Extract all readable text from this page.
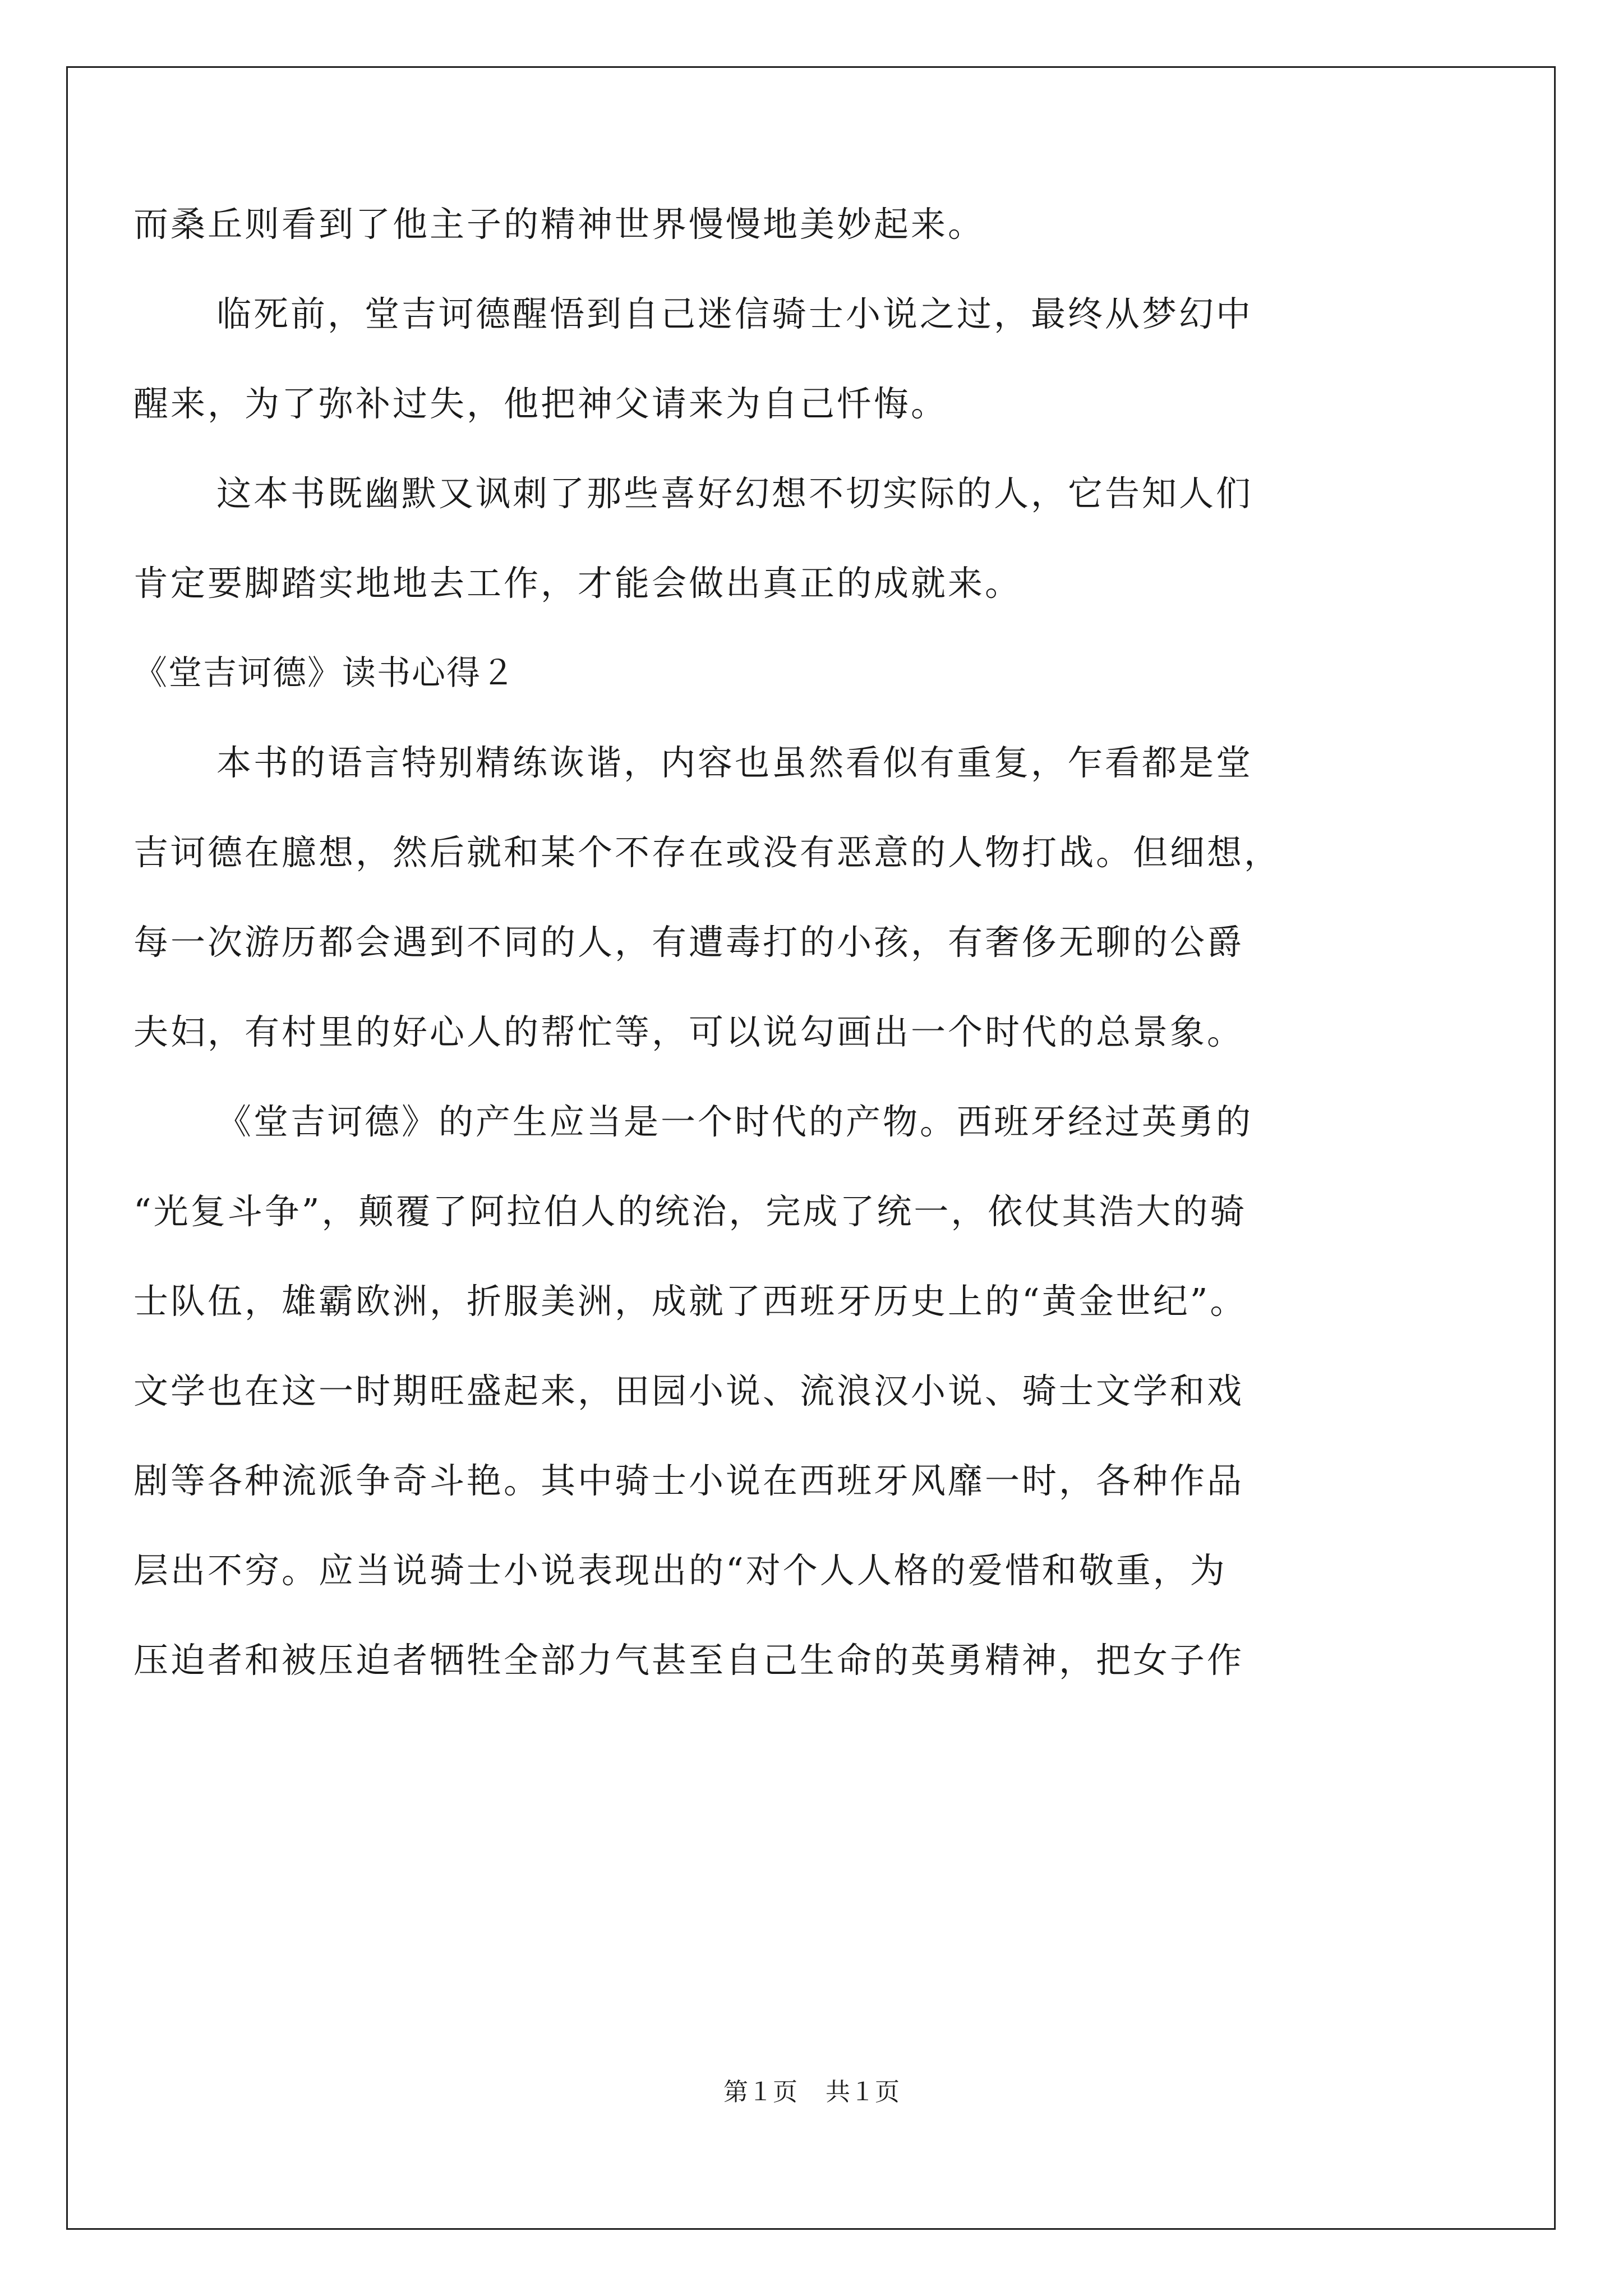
而桑丘则看到了他主子的精神世界慢慢地美妙起来。
临死前，堂吉诃德醒悟到自己迷信骑士小说之过，最终从梦幻中
醒来，为了弥补过失，他把神父请来为自己忏悔。
这本书既幽默又讽刺了那些喜好幻想不切实际的人，它告知人们
肯定要脚踏实地地去工作，才能会做出真正的成就来。
《堂吉诃德》读书心得２
本书的语言特别精练诙谐，内容也虽然看似有重复，乍看都是堂
吉诃德在臆想，然后就和某个不存在或没有恶意的人物打战。但细想，
每一次游历都会遇到不同的人，有遭毒打的小孩，有奢侈无聊的公爵
夫妇，有村里的好心人的帮忙等，可以说勾画出一个时代的总景象。
《堂吉诃德》的产生应当是一个时代的产物。西班牙经过英勇的
“光复斗争”，颠覆了阿拉伯人的统治，完成了统一，依仗其浩大的骑
士队伍，雄霸欧洲，折服美洲，成就了西班牙历史上的“黄金世纪”。
文学也在这一时期旺盛起来，田园小说、流浪汉小说、骑士文学和戏
剧等各种流派争奇斗艳。其中骑士小说在西班牙风靡一时，各种作品
层出不穷。应当说骑士小说表现出的“对个人人格的爱惜和敬重，为
压迫者和被压迫者牺牲全部力气甚至自己生命的英勇精神，把女子作
第１页 共１页
